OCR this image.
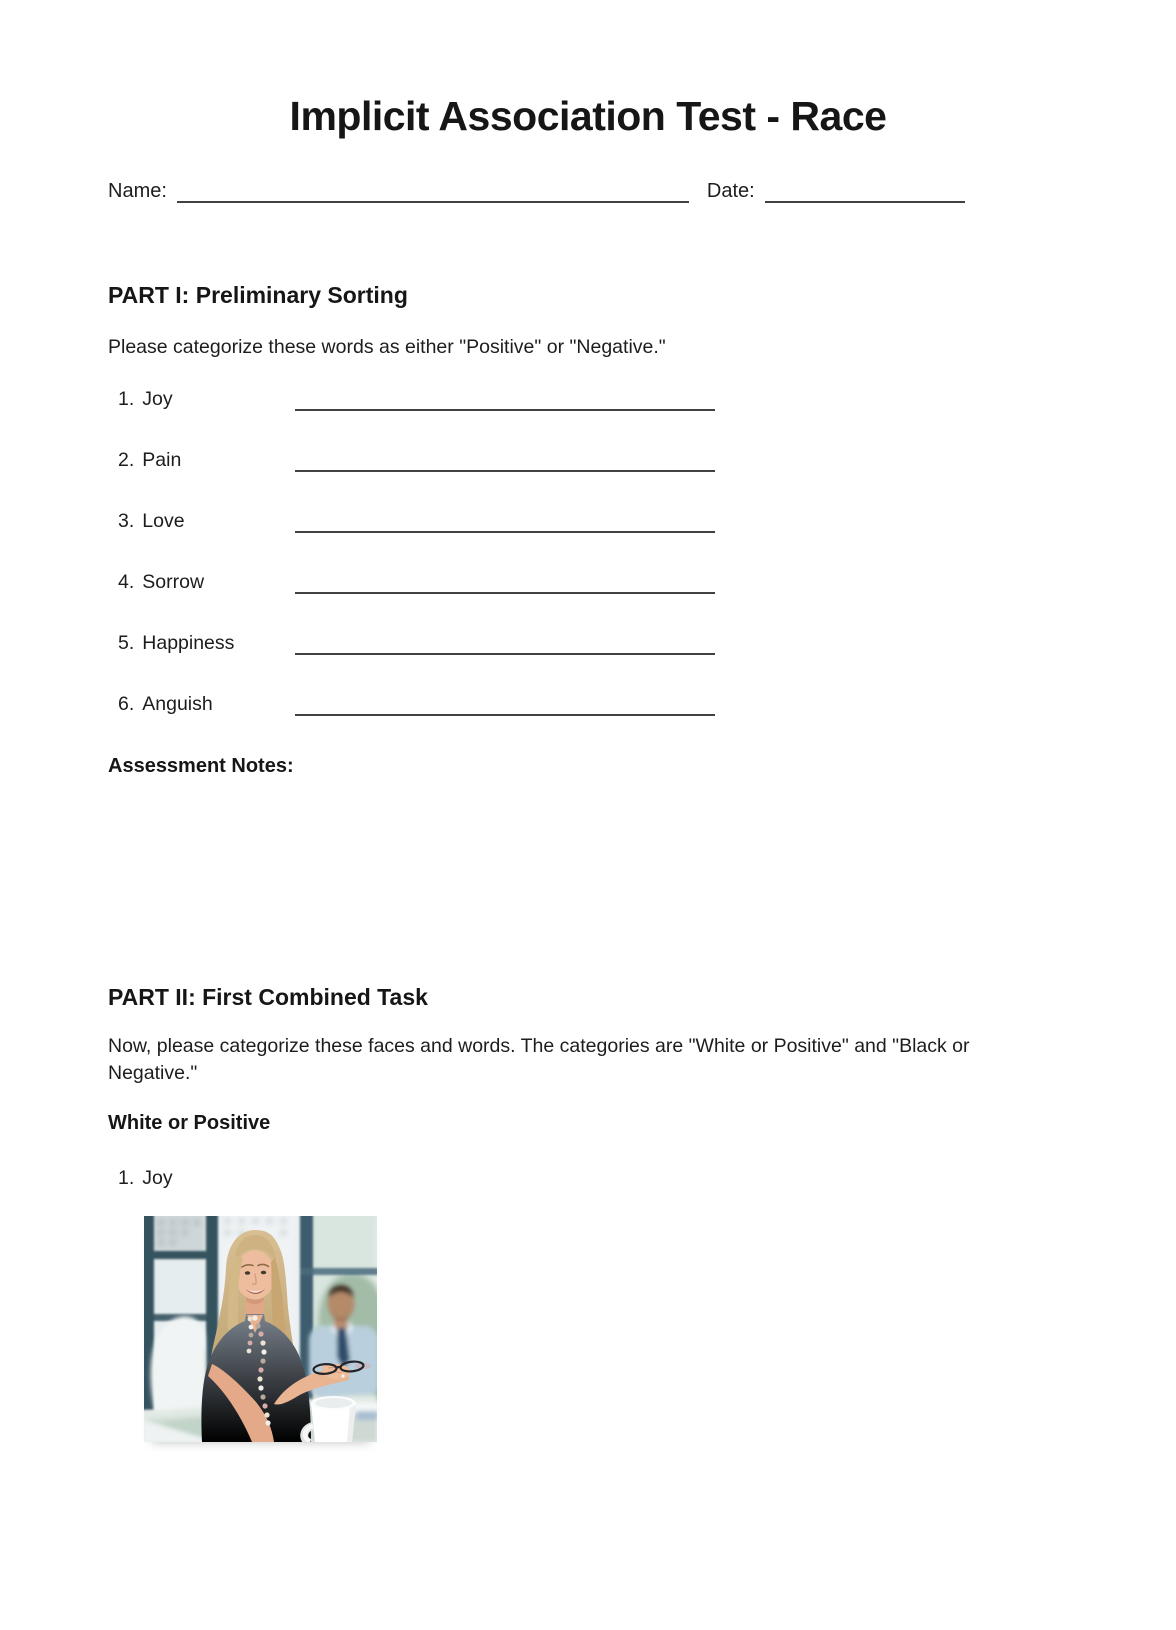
Implicit Association Test - Race
Name:	Date:
PART I: Preliminary Sorting

Please categorize these words as either "Positive" or "Negative."

1. Joy
2. Pain
3. Love
4. Sorrow
5. Happiness
6. Anguish
Assessment Notes:
PART II: First Combined Task

Now, please categorize these faces and words. The categories are "White or Positive" and "Black or Negative."

White or Positive
1. Joy
